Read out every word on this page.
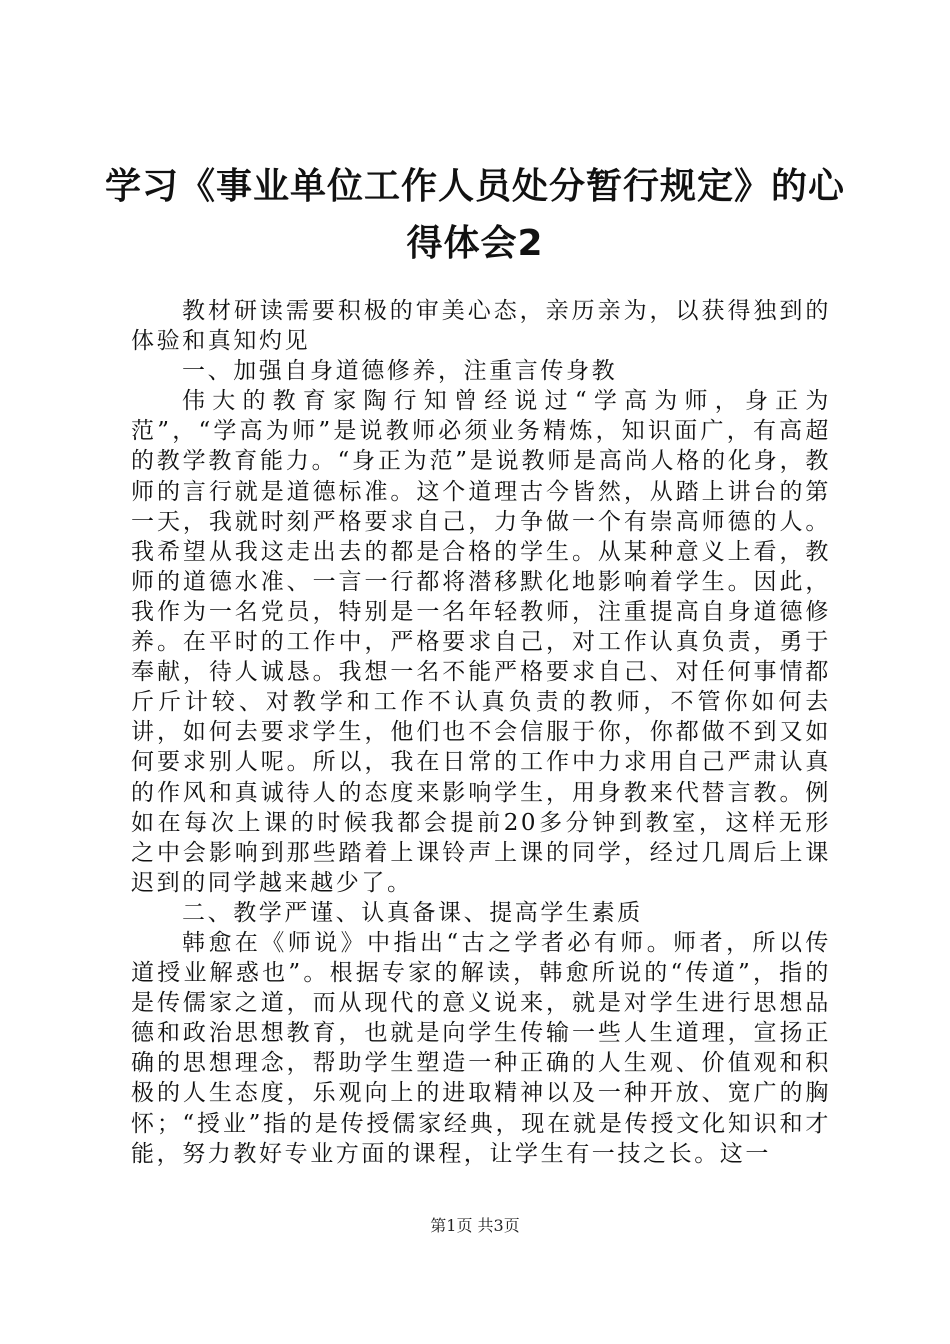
学习《事业单位工作人员处分暂行规定》的心得体会2

教材研读需要积极的审美心态，亲历亲为，以获得独到的体验和真知灼见

一、加强自身道德修养，注重言传身教

伟大的教育家陶行知曾经说过“学高为师，身正为范”，“学高为师”是说教师必须业务精炼，知识面广，有高超的教学教育能力。“身正为范”是说教师是高尚人格的化身，教师的言行就是道德标准。这个道理古今皆然，从踏上讲台的第一天，我就时刻严格要求自己，力争做一个有崇高师德的人。我希望从我这走出去的都是合格的学生。从某种意义上看，教师的道德水准、一言一行都将潜移默化地影响着学生。因此，我作为一名党员，特别是一名年轻教师，注重提高自身道德修养。在平时的工作中，严格要求自己，对工作认真负责，勇于奉献，待人诚恳。我想一名不能严格要求自己、对任何事情都斤斤计较、对教学和工作不认真负责的教师，不管你如何去讲，如何去要求学生，他们也不会信服于你，你都做不到又如何要求别人呢。所以，我在日常的工作中力求用自己严肃认真的作风和真诚待人的态度来影响学生，用身教来代替言教。例如在每次上课的时候我都会提前20多分钟到教室，这样无形之中会影响到那些踏着上课铃声上课的同学，经过几周后上课迟到的同学越来越少了。

二、教学严谨、认真备课、提高学生素质

韩愈在《师说》中指出“古之学者必有师。师者，所以传道授业解惑也”。根据专家的解读，韩愈所说的“传道”，指的是传儒家之道，而从现代的意义说来，就是对学生进行思想品德和政治思想教育，也就是向学生传输一些人生道理，宣扬正确的思想理念，帮助学生塑造一种正确的人生观、价值观和积极的人生态度，乐观向上的进取精神以及一种开放、宽广的胸怀；“授业”指的是传授儒家经典，现在就是传授文化知识和才能，努力教好专业方面的课程，让学生有一技之长。这一

第1页 共3页
